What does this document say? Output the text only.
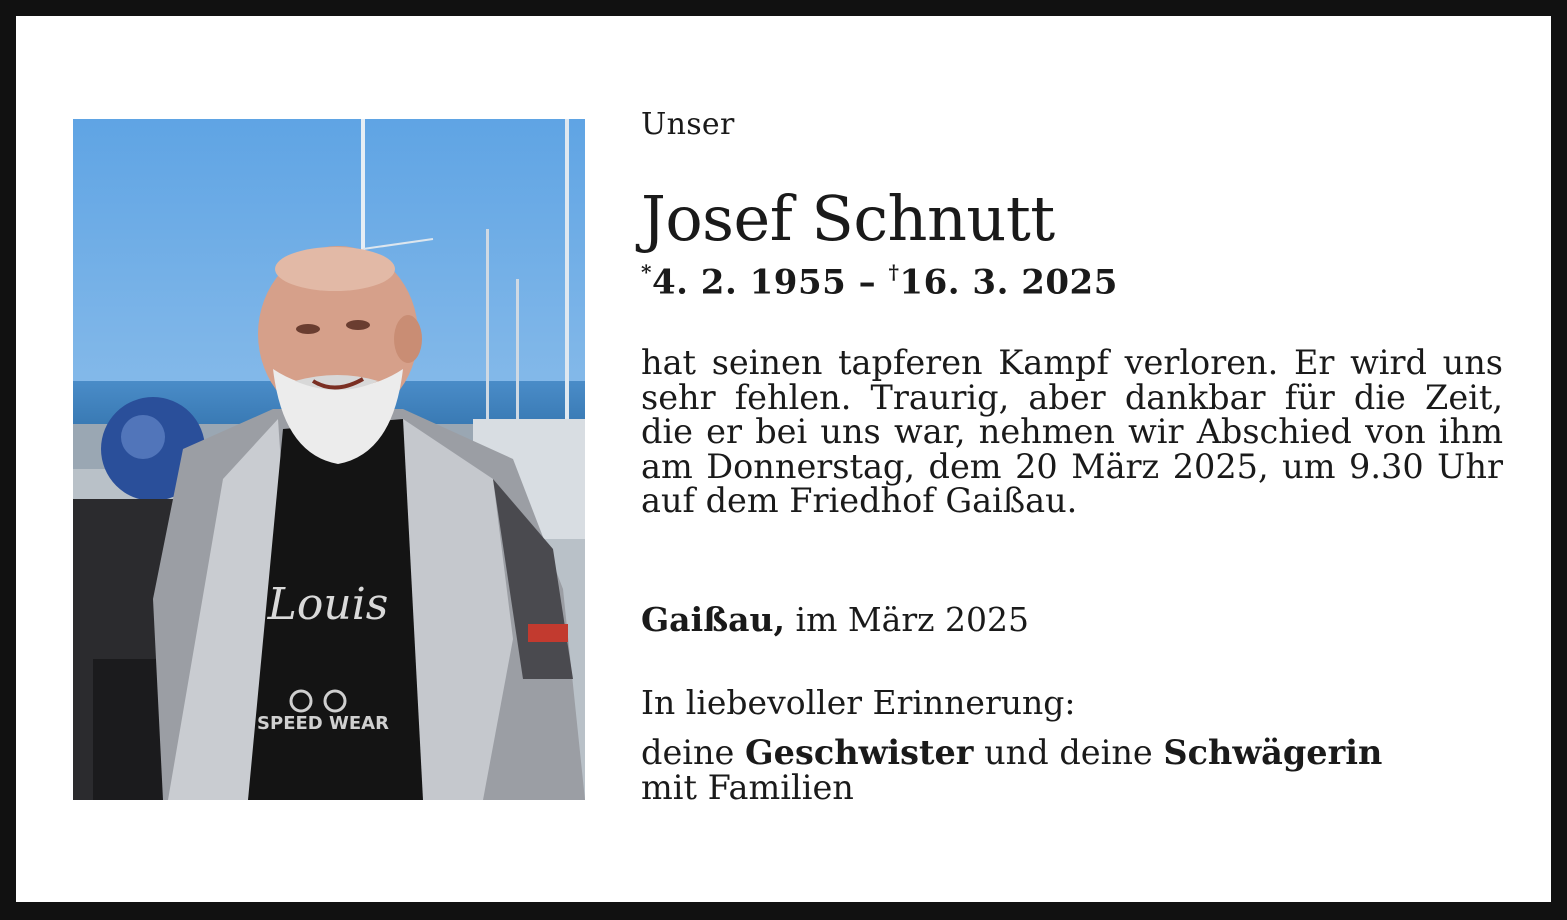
Louis
SPEED WEAR
Unser
Josef Schnutt
*4. 2. 1955 – †16. 3. 2025
hat seinen tapferen Kampf verloren. Er wird uns sehr fehlen. Traurig, aber dankbar für die Zeit, die er bei uns war, nehmen wir Abschied von ihm am Donnerstag, dem 20 März 2025, um 9.30 Uhr auf dem Friedhof Gaißau.
Gaißau, im März 2025
In liebevoller Erinnerung:
deine Geschwister und deine Schwägerin
mit Familien
